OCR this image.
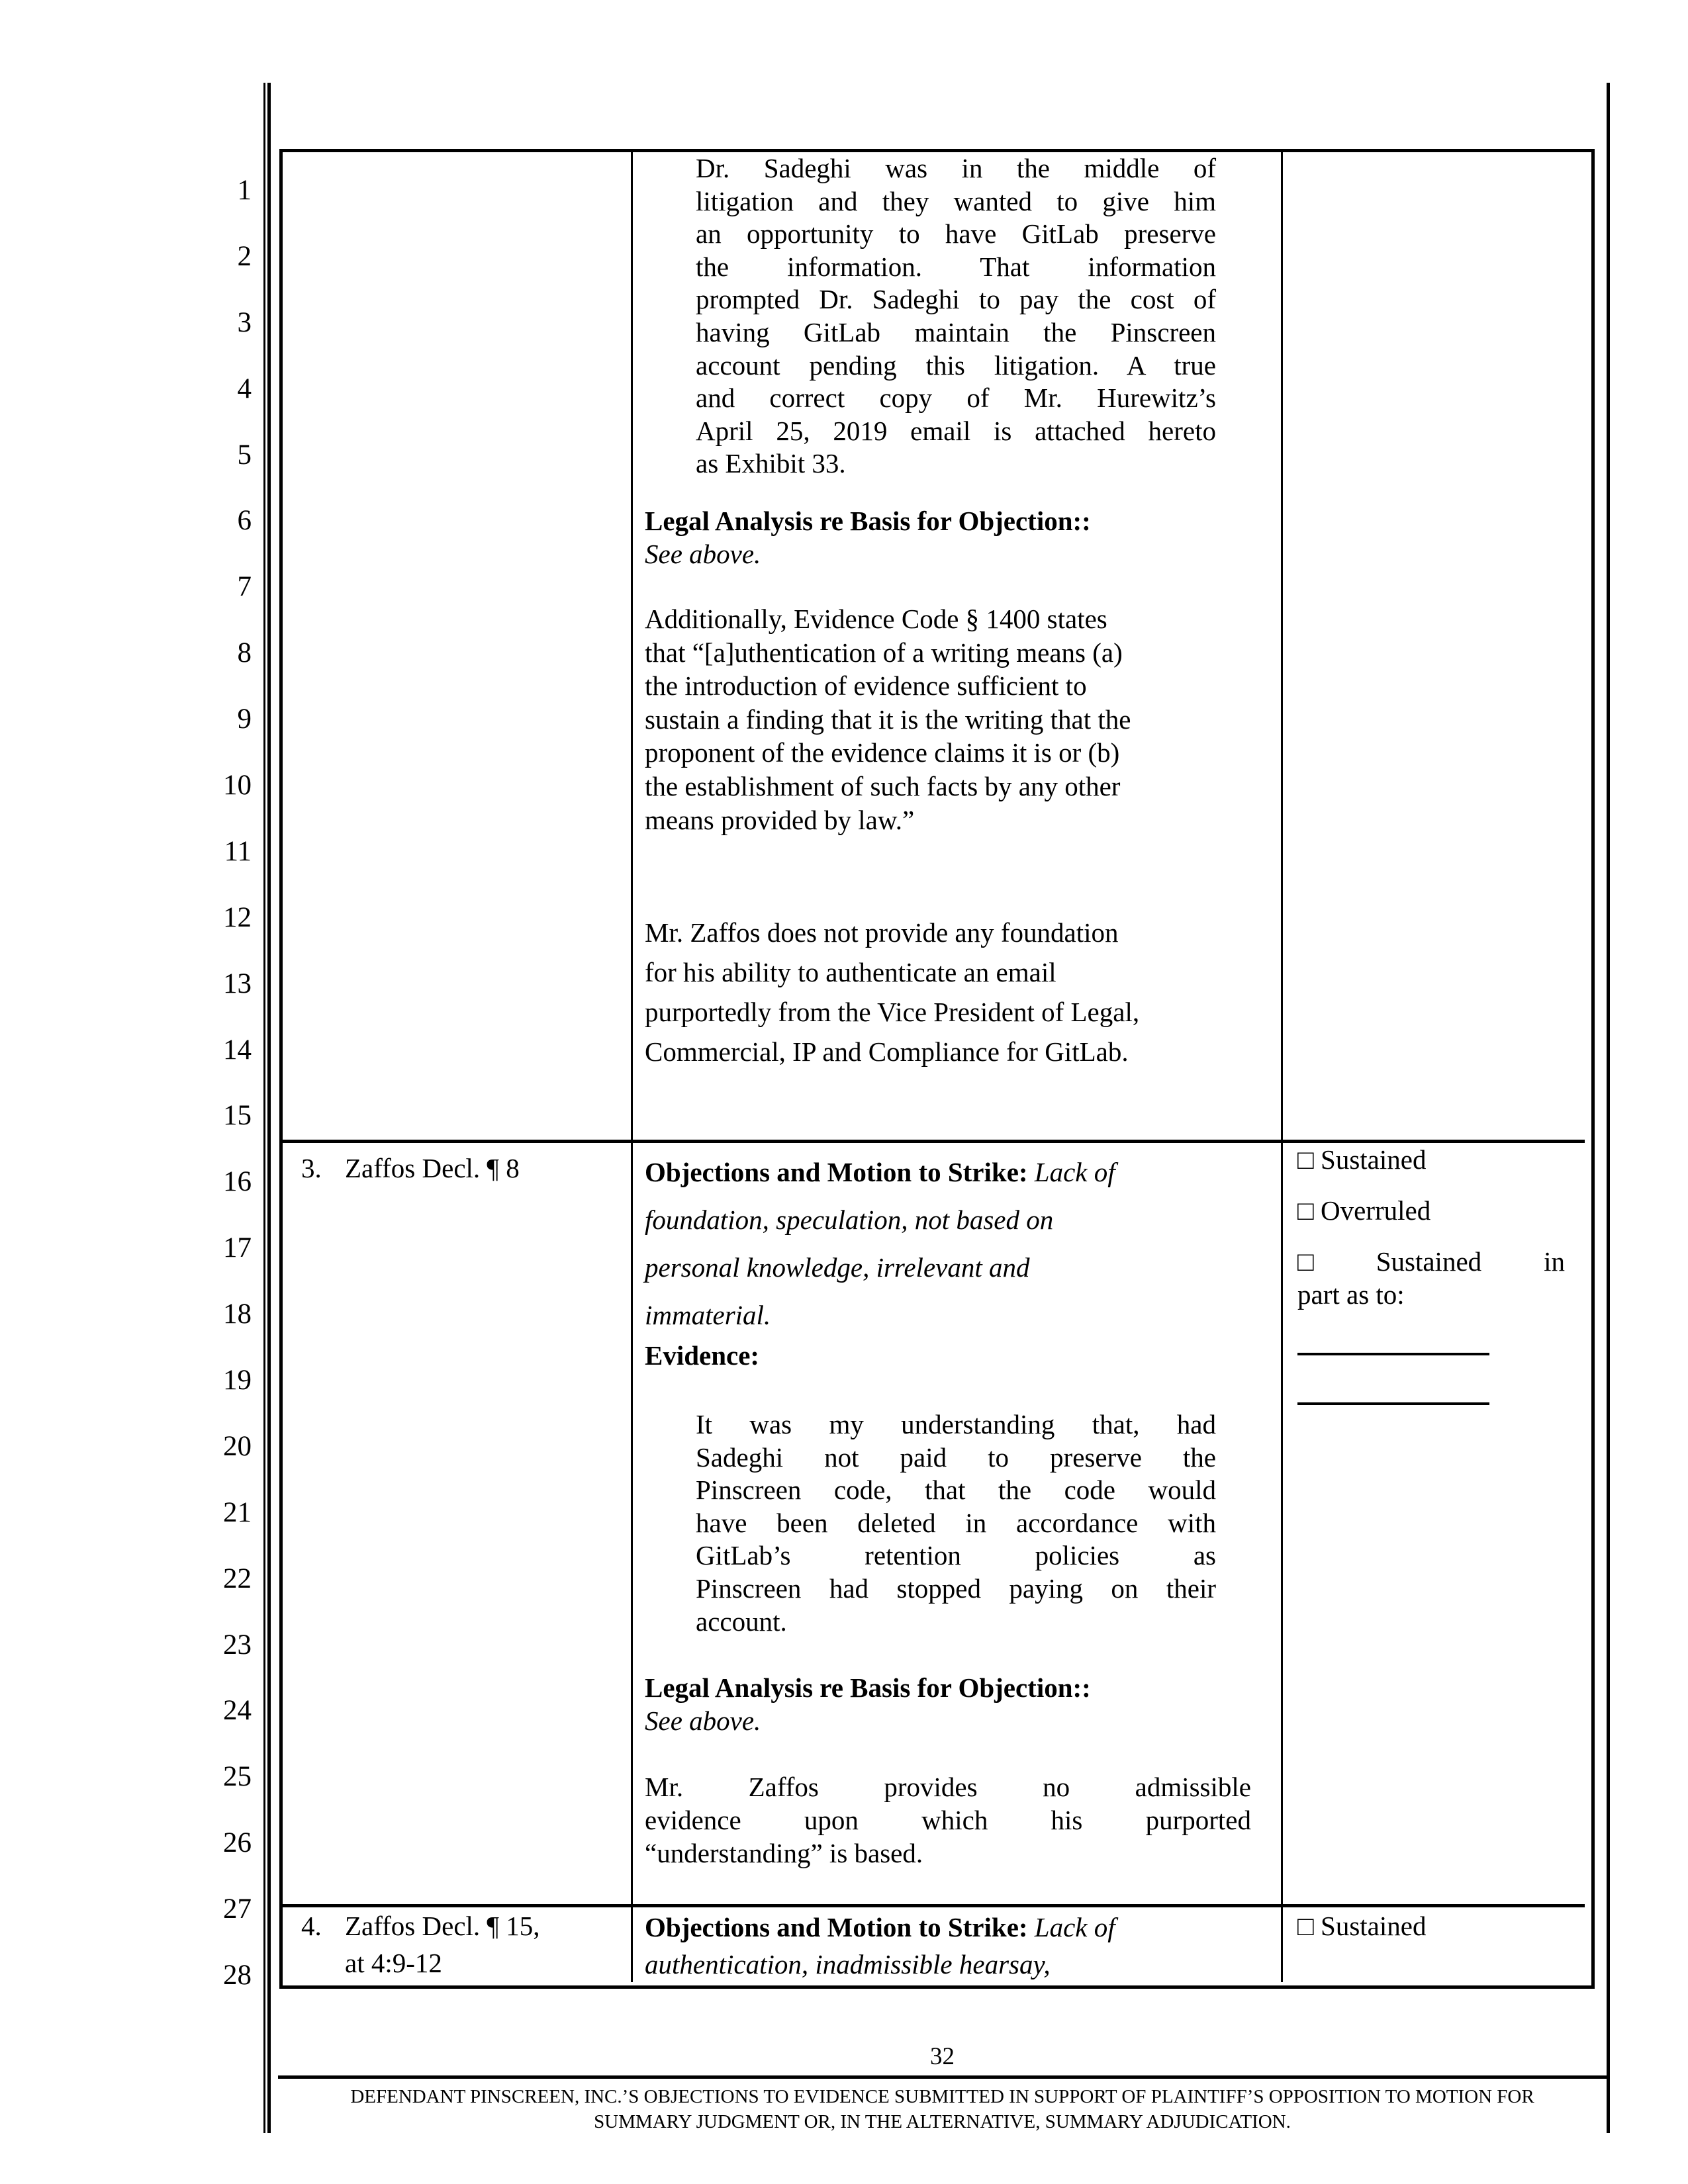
1
2
3
4
5
6
7
8
9
10
11
12
13
14
15
16
17
18
19
20
21
22
23
24
25
26
27
28
Dr. Sadeghi was in the middle of
litigation and they wanted to give him
an opportunity to have GitLab preserve
the information. That information
prompted Dr. Sadeghi to pay the cost of
having GitLab maintain the Pinscreen
account pending this litigation. A true
and correct copy of Mr. Hurewitz’s
April 25, 2019 email is attached hereto
as Exhibit 33.
Legal Analysis re Basis for Objection::
See above.
Additionally, Evidence Code § 1400 states
that “[a]uthentication of a writing means (a)
the introduction of evidence sufficient to
sustain a finding that it is the writing that the
proponent of the evidence claims it is or (b)
the establishment of such facts by any other
means provided by law.”
Mr. Zaffos does not provide any foundation
for his ability to authenticate an email
purportedly from the Vice President of Legal,
Commercial, IP and Compliance for GitLab.
3. Zaffos Decl. ¶ 8	Objections and Motion to Strike: Lack of
foundation, speculation, not based on
personal knowledge, irrelevant and
immaterial.
Evidence:
It was my understanding that, had
Sadeghi not paid to preserve the
Pinscreen code, that the code would
have been deleted in accordance with
GitLab’s retention policies as
Pinscreen had stopped paying on their
account.
Legal Analysis re Basis for Objection::
See above.
Mr. Zaffos provides no admissible
evidence upon which his purported
“understanding” is based.
□ Sustained
□ Overruled
□ Sustained in
part as to:
4. Zaffos Decl. ¶ 15,
at 4:9-12
Objections and Motion to Strike: Lack of
authentication, inadmissible hearsay,
□ Sustained
32
DEFENDANT PINSCREEN, INC.’S OBJECTIONS TO EVIDENCE SUBMITTED IN SUPPORT OF PLAINTIFF’S OPPOSITION TO MOTION FOR
SUMMARY JUDGMENT OR, IN THE ALTERNATIVE, SUMMARY ADJUDICATION.
